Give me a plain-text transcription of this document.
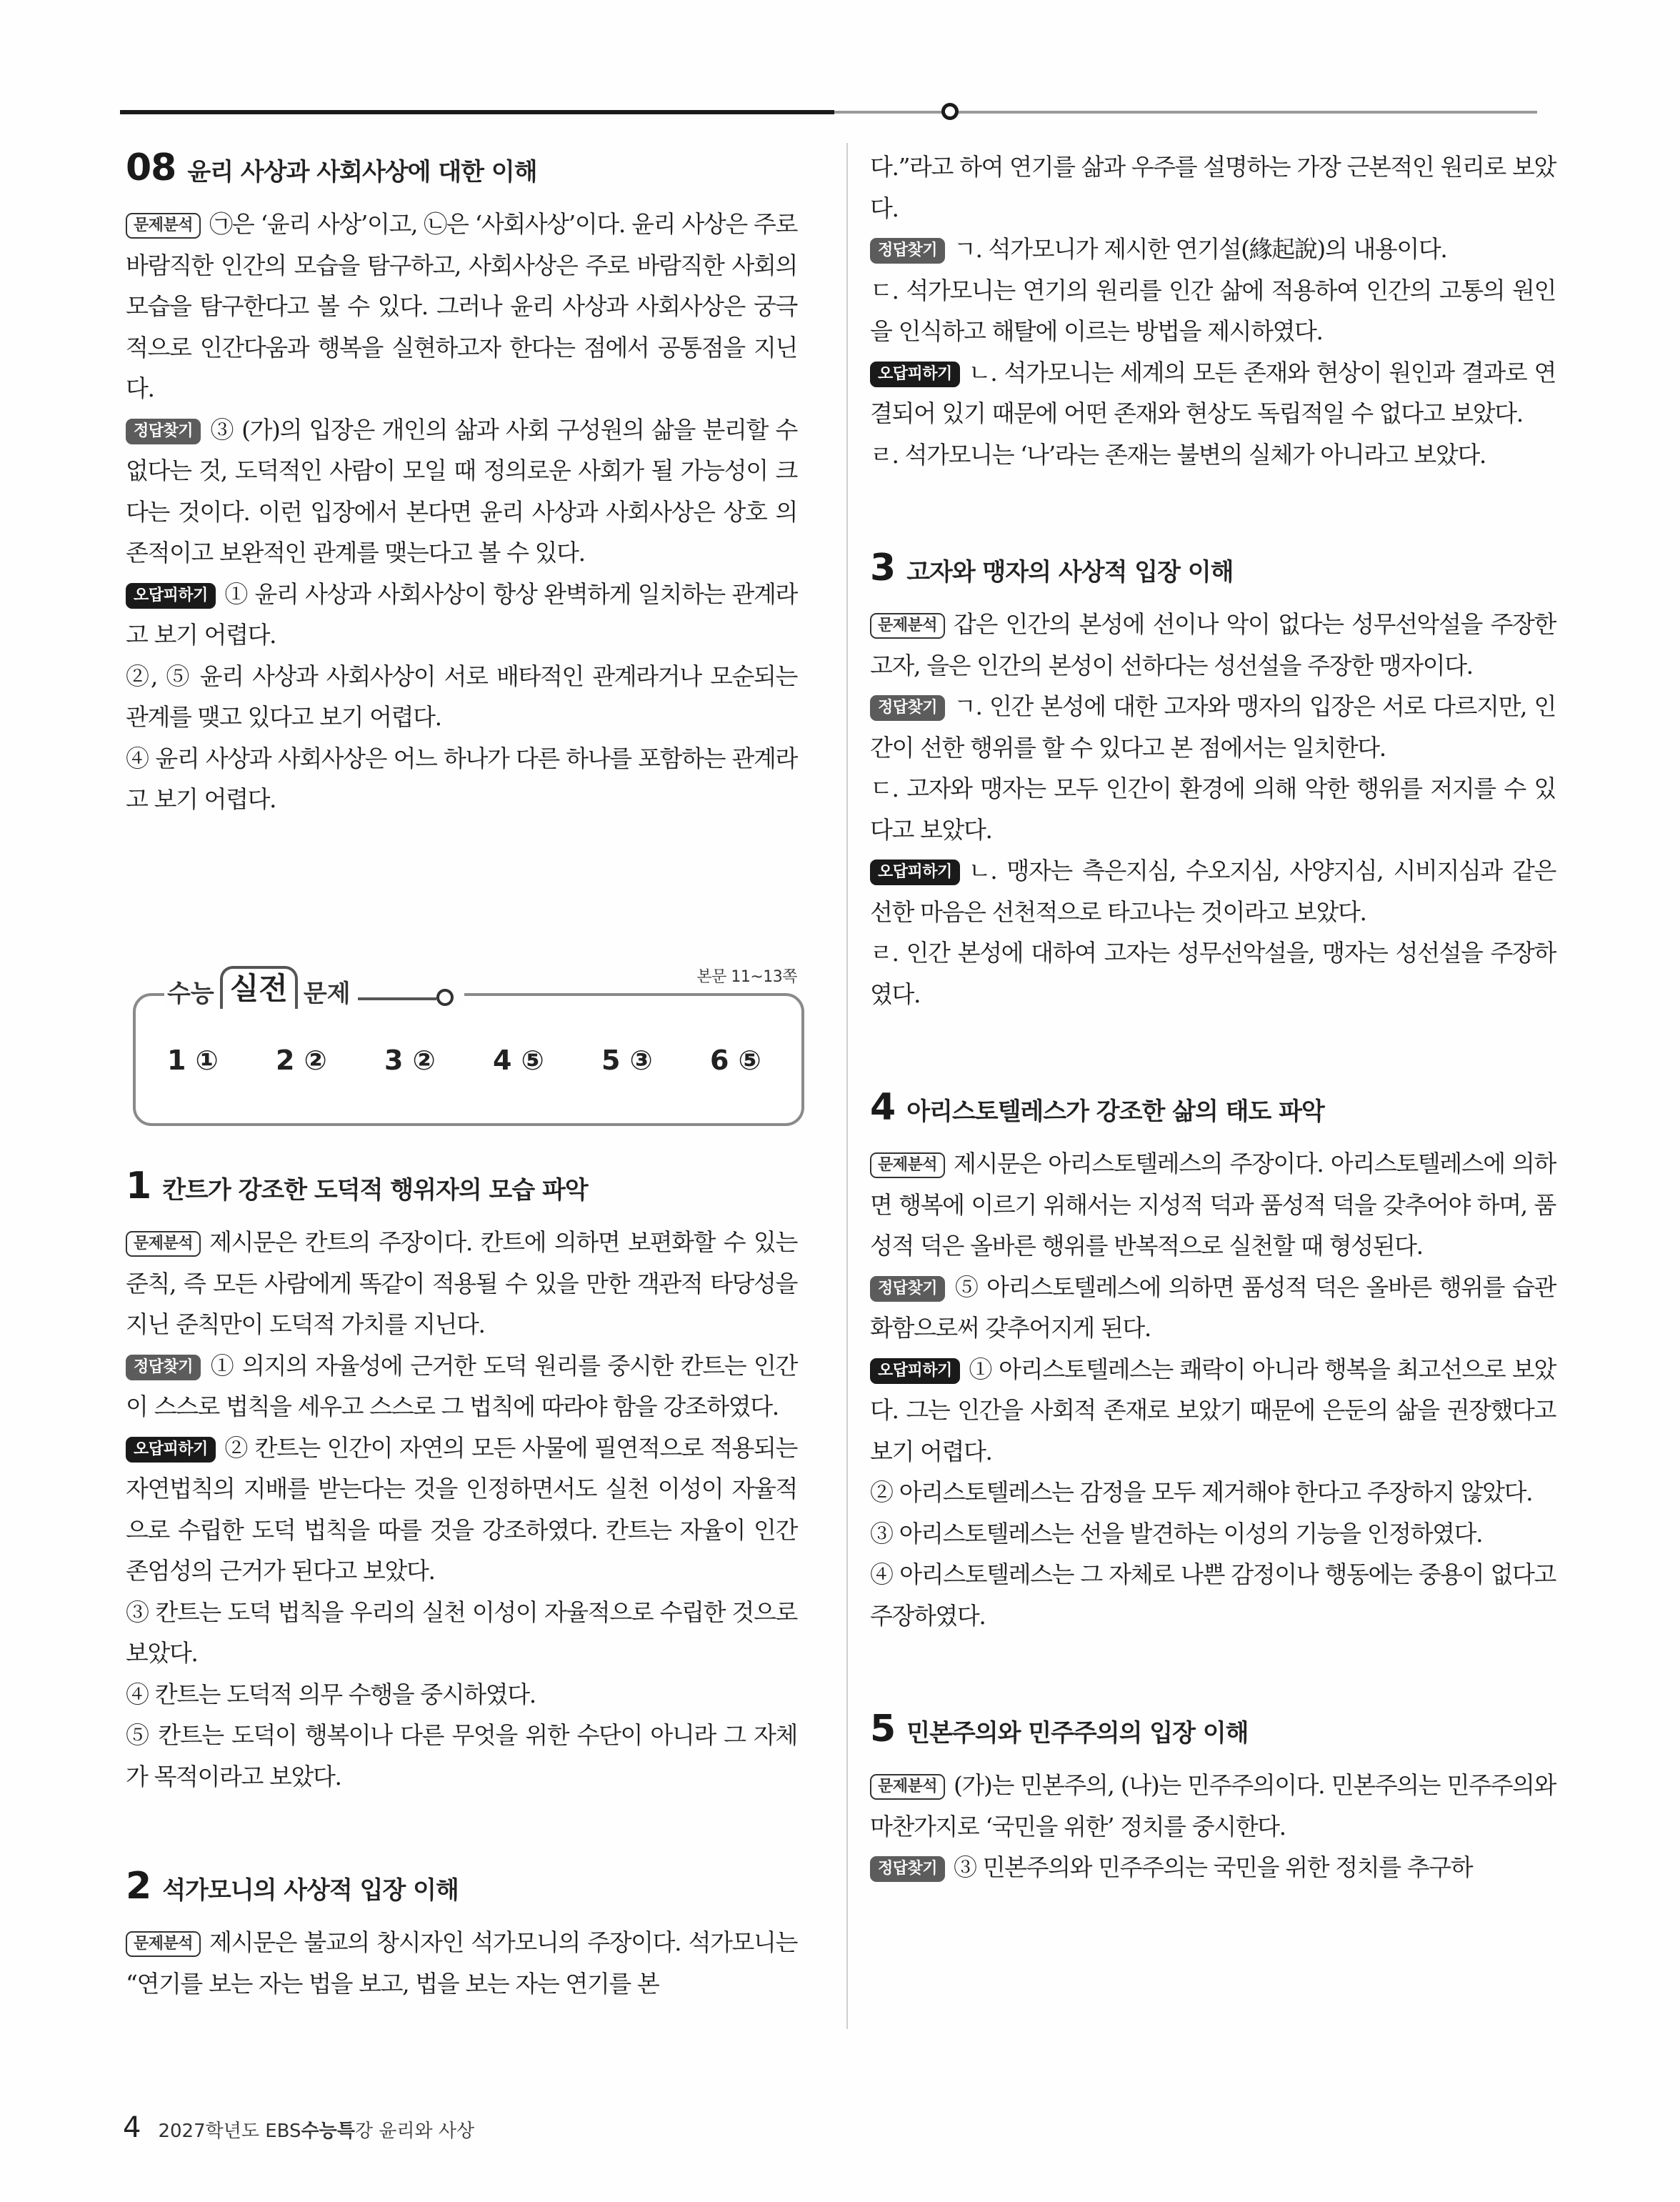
08 윤리 사상과 사회사상에 대한 이해

문제분석 ㉠은 ‘윤리 사상’이고, ㉡은 ‘사회사상’이다. 윤리 사상은 주로 바람직한 인간의 모습을 탐구하고, 사회사상은 주로 바람직한 사회의 모습을 탐구한다고 볼 수 있다. 그러나 윤리 사상과 사회사상은 궁극적으로 인간다움과 행복을 실현하고자 한다는 점에서 공통점을 지닌다.

정답찾기 ③ (가)의 입장은 개인의 삶과 사회 구성원의 삶을 분리할 수 없다는 것, 도덕적인 사람이 모일 때 정의로운 사회가 될 가능성이 크다는 것이다. 이런 입장에서 본다면 윤리 사상과 사회사상은 상호 의존적이고 보완적인 관계를 맺는다고 볼 수 있다.

오답피하기 ① 윤리 사상과 사회사상이 항상 완벽하게 일치하는 관계라고 보기 어렵다.

②, ⑤ 윤리 사상과 사회사상이 서로 배타적인 관계라거나 모순되는 관계를 맺고 있다고 보기 어렵다.

④ 윤리 사상과 사회사상은 어느 하나가 다른 하나를 포함하는 관계라고 보기 어렵다.

수능 실전 문제
본문 11~13쪽
1 ①	2 ②	3 ②	4 ⑤	5 ③	6 ⑤
1 칸트가 강조한 도덕적 행위자의 모습 파악

문제분석 제시문은 칸트의 주장이다. 칸트에 의하면 보편화할 수 있는 준칙, 즉 모든 사람에게 똑같이 적용될 수 있을 만한 객관적 타당성을 지닌 준칙만이 도덕적 가치를 지닌다.

정답찾기 ① 의지의 자율성에 근거한 도덕 원리를 중시한 칸트는 인간이 스스로 법칙을 세우고 스스로 그 법칙에 따라야 함을 강조하였다.

오답피하기 ② 칸트는 인간이 자연의 모든 사물에 필연적으로 적용되는 자연법칙의 지배를 받는다는 것을 인정하면서도 실천 이성이 자율적으로 수립한 도덕 법칙을 따를 것을 강조하였다. 칸트는 자율이 인간 존엄성의 근거가 된다고 보았다.

③ 칸트는 도덕 법칙을 우리의 실천 이성이 자율적으로 수립한 것으로 보았다.

④ 칸트는 도덕적 의무 수행을 중시하였다.

⑤ 칸트는 도덕이 행복이나 다른 무엇을 위한 수단이 아니라 그 자체가 목적이라고 보았다.

2 석가모니의 사상적 입장 이해

문제분석 제시문은 불교의 창시자인 석가모니의 주장이다. 석가모니는 “연기를 보는 자는 법을 보고, 법을 보는 자는 연기를 본

다.”라고 하여 연기를 삶과 우주를 설명하는 가장 근본적인 원리로 보았다.

정답찾기 ㄱ. 석가모니가 제시한 연기설(緣起說)의 내용이다.

ㄷ. 석가모니는 연기의 원리를 인간 삶에 적용하여 인간의 고통의 원인을 인식하고 해탈에 이르는 방법을 제시하였다.

오답피하기 ㄴ. 석가모니는 세계의 모든 존재와 현상이 원인과 결과로 연결되어 있기 때문에 어떤 존재와 현상도 독립적일 수 없다고 보았다.

ㄹ. 석가모니는 ‘나’라는 존재는 불변의 실체가 아니라고 보았다.

3 고자와 맹자의 사상적 입장 이해

문제분석 갑은 인간의 본성에 선이나 악이 없다는 성무선악설을 주장한 고자, 을은 인간의 본성이 선하다는 성선설을 주장한 맹자이다.

정답찾기 ㄱ. 인간 본성에 대한 고자와 맹자의 입장은 서로 다르지만, 인간이 선한 행위를 할 수 있다고 본 점에서는 일치한다.

ㄷ. 고자와 맹자는 모두 인간이 환경에 의해 악한 행위를 저지를 수 있다고 보았다.

오답피하기 ㄴ. 맹자는 측은지심, 수오지심, 사양지심, 시비지심과 같은 선한 마음은 선천적으로 타고나는 것이라고 보았다.

ㄹ. 인간 본성에 대하여 고자는 성무선악설을, 맹자는 성선설을 주장하였다.

4 아리스토텔레스가 강조한 삶의 태도 파악

문제분석 제시문은 아리스토텔레스의 주장이다. 아리스토텔레스에 의하면 행복에 이르기 위해서는 지성적 덕과 품성적 덕을 갖추어야 하며, 품성적 덕은 올바른 행위를 반복적으로 실천할 때 형성된다.

정답찾기 ⑤ 아리스토텔레스에 의하면 품성적 덕은 올바른 행위를 습관화함으로써 갖추어지게 된다.

오답피하기 ① 아리스토텔레스는 쾌락이 아니라 행복을 최고선으로 보았다. 그는 인간을 사회적 존재로 보았기 때문에 은둔의 삶을 권장했다고 보기 어렵다.

② 아리스토텔레스는 감정을 모두 제거해야 한다고 주장하지 않았다.

③ 아리스토텔레스는 선을 발견하는 이성의 기능을 인정하였다.

④ 아리스토텔레스는 그 자체로 나쁜 감정이나 행동에는 중용이 없다고 주장하였다.

5 민본주의와 민주주의의 입장 이해

문제분석 (가)는 민본주의, (나)는 민주주의이다. 민본주의는 민주주의와 마찬가지로 ‘국민을 위한’ 정치를 중시한다.

정답찾기 ③ 민본주의와 민주주의는 국민을 위한 정치를 추구하

4 2027학년도 EBS 수능특 강 윤리와 사상
